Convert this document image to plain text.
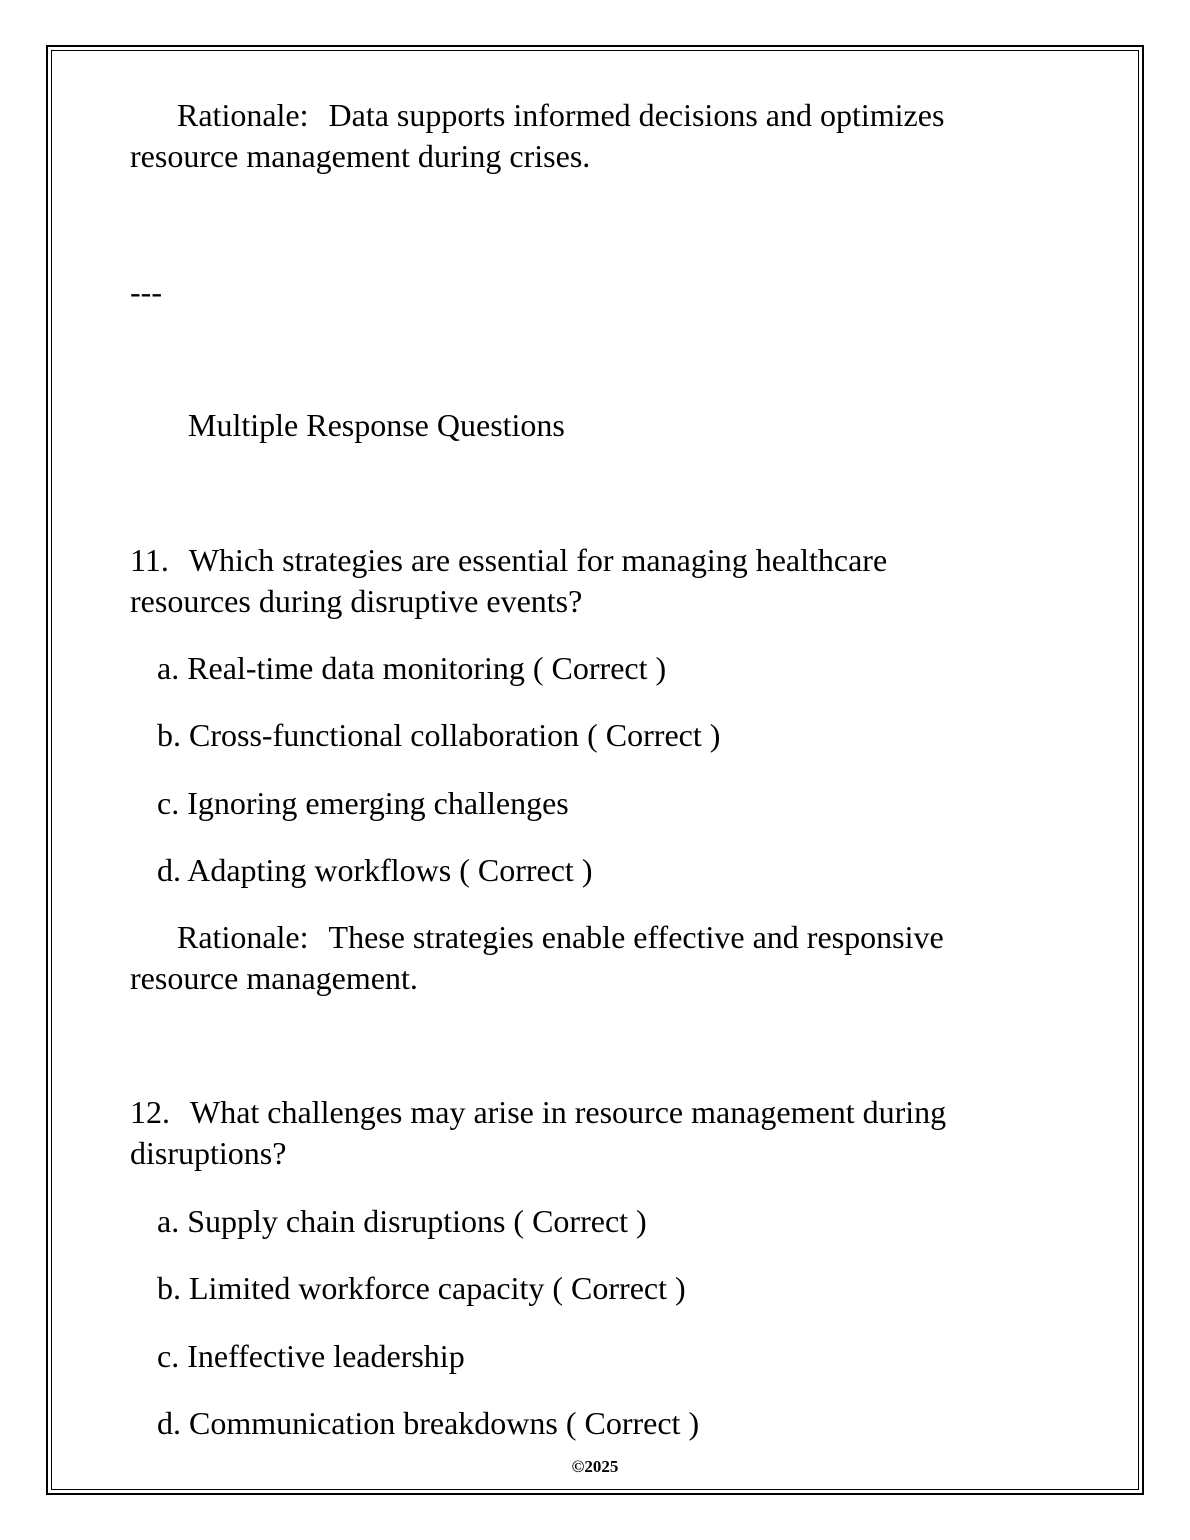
Rationale: Data supports informed decisions and optimizes

resource management during crises.

---

Multiple Response Questions

11. Which strategies are essential for managing healthcare

resources during disruptive events?

a. Real-time data monitoring ( Correct )

b. Cross-functional collaboration ( Correct )

c. Ignoring emerging challenges

d. Adapting workflows ( Correct )

Rationale: These strategies enable effective and responsive

resource management.

12. What challenges may arise in resource management during

disruptions?

a. Supply chain disruptions ( Correct )

b. Limited workforce capacity ( Correct )

c. Ineffective leadership

d. Communication breakdowns ( Correct )

©2025
